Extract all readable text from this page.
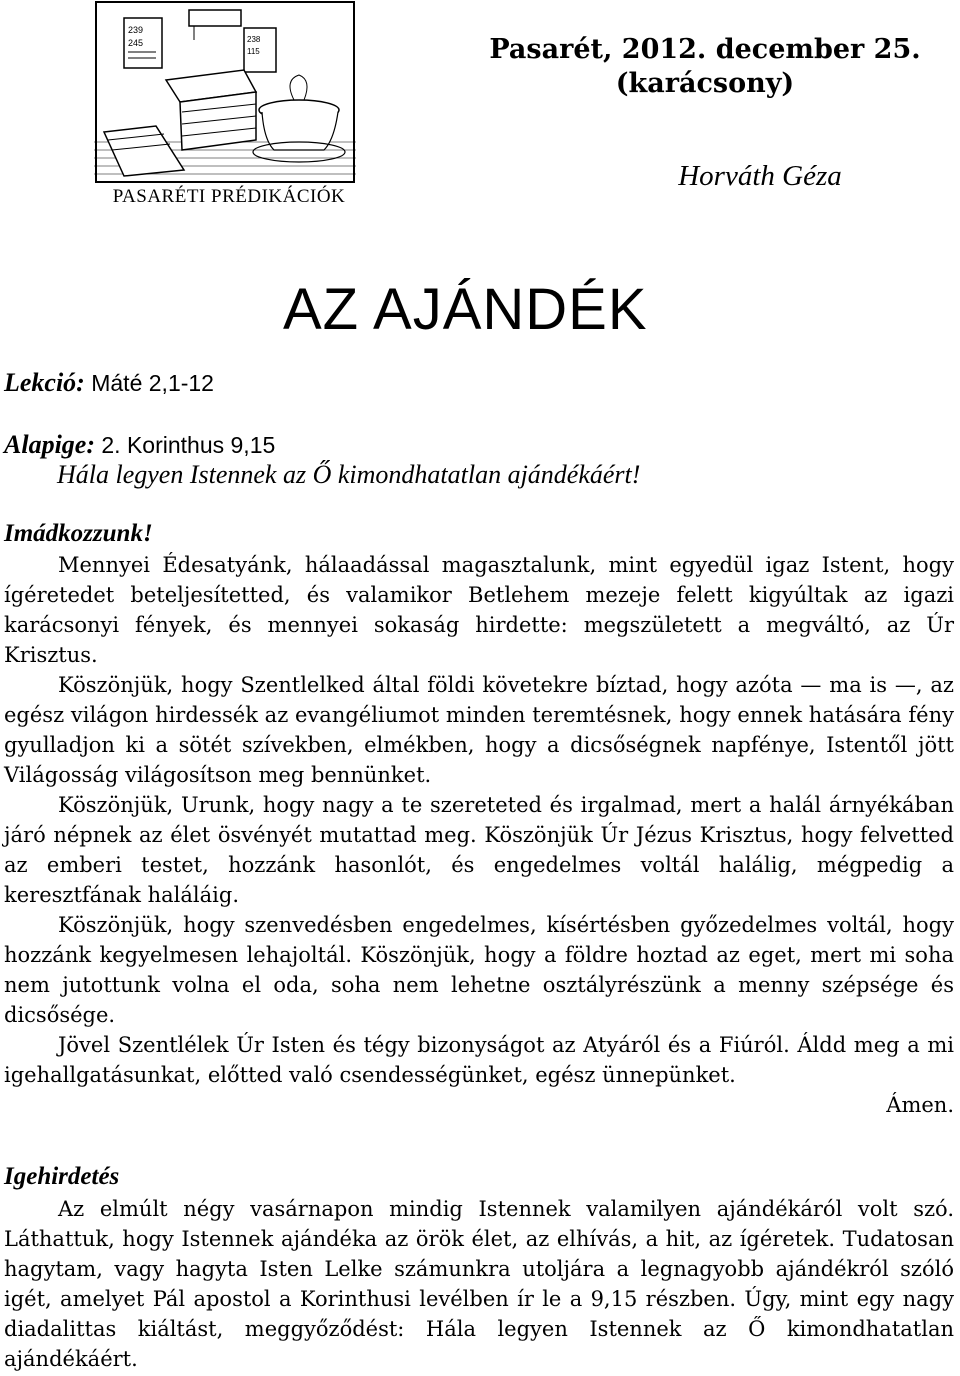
239
245	238
115
PASARÉTI PRÉDIKÁCIÓK
Pasarét, 2012. december 25.
(karácsony)
Horváth Géza
AZ AJÁNDÉK
Lekció: Máté 2,1-12
Alapige: 2. Korinthus 9,15
Hála legyen Istennek az Ő kimondhatatlan ajándékáért!
Imádkozzunk!

Mennyei Édesatyánk, hálaadással magasztalunk, mint egyedül igaz Istent, hogy ígéretedet beteljesítetted, és valamikor Betlehem mezeje felett kigyúltak az igazi karácsonyi fények, és mennyei sokaság hirdette: megszületett a megváltó, az Úr Krisztus.

Köszönjük, hogy Szentlelked által földi követekre bíztad, hogy azóta — ma is —, az egész világon hirdessék az evangéliumot minden teremtésnek, hogy ennek hatására fény gyulladjon ki a sötét szívekben, elmékben, hogy a dicsőségnek napfénye, Istentől jött Világosság világosítson meg bennünket.

Köszönjük, Urunk, hogy nagy a te szereteted és irgalmad, mert a halál árnyékában járó népnek az élet ösvényét mutattad meg. Köszönjük Úr Jézus Krisztus, hogy felvetted az emberi testet, hozzánk hasonlót, és engedelmes voltál halálig, mégpedig a keresztfának haláláig.

Köszönjük, hogy szenvedésben engedelmes, kísértésben győzedelmes voltál, hogy hozzánk kegyelmesen lehajoltál. Köszönjük, hogy a földre hoztad az eget, mert mi soha nem jutottunk volna el oda, soha nem lehetne osztályrészünk a menny szépsége és dicsősége.

Jövel Szentlélek Úr Isten és tégy bizonyságot az Atyáról és a Fiúról. Áldd meg a mi igehallgatásunkat, előtted való csendességünket, egész ünnepünket.

Ámen.

Igehirdetés

Az elmúlt négy vasárnapon mindig Istennek valamilyen ajándékáról volt szó. Láthattuk, hogy Istennek ajándéka az örök élet, az elhívás, a hit, az ígéretek. Tudatosan hagytam, vagy hagyta Isten Lelke számunkra utoljára a legnagyobb ajándékról szóló igét, amelyet Pál apostol a Korinthusi levélben ír le a 9,15 részben. Úgy, mint egy nagy diadalittas kiáltást, meggyőződést: Hála legyen Istennek az Ő kimondhatatlan ajándékáért.
